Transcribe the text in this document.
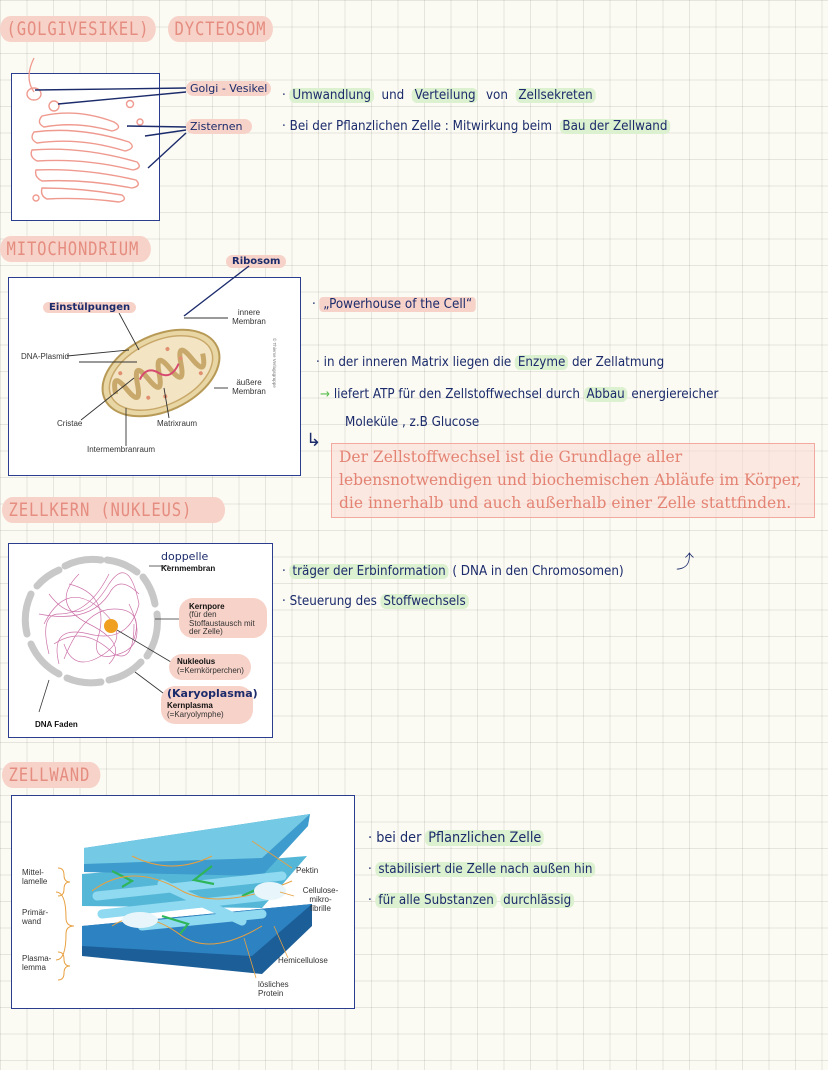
(GOLGIVESIKEL)	DYCTEOSOM
Golgi - Vesikel
Zisternen
· Umwandlung und Verteilung von Zellsekreten
· Bei der Pflanzlichen Zelle : Mitwirkung beim Bau der Zellwand
MITOCHONDRIUM
Ribosom
Einstülpungen	innere Membran
DNA-Plasmid
äußere Membran
Cristae	Matrixraum
Intermembranraum
© Thieme Verlagsgruppe
· „Powerhouse of the Cell“
· in der inneren Matrix liegen die Enzyme der Zellatmung
→ liefert ATP für den Zellstoffwechsel durch Abbau energiereicher
Moleküle , z.B Glucose
↳
Der Zellstoffwechsel ist die Grundlage aller lebensnotwendigen und biochemischen Abläufe im Körper, die innerhalb und auch außerhalb einer Zelle stattfinden.
ZELLKERN (NUKLEUS)
doppelle
Kernmembran
Kernpore
(für den Stoffaustausch mit der Zelle)
Nukleolus
(=Kernkörperchen)
(Karyoplasma)
Kernplasma
(=Karyolymphe)
DNA Faden
· träger der Erbinformation ( DNA in den Chromosomen)	⤴
· Steuerung des Stoffwechsels
ZELLWAND
Mittel- lamelle
Primär- wand
Plasma- lemma
Pektin
Cellulose- mikro- fibrille
Hemicellulose
lösliches Protein
· bei der Pflanzlichen Zelle
· stabilisiert die Zelle nach außen hin
· für alle Substanzen durchlässig
